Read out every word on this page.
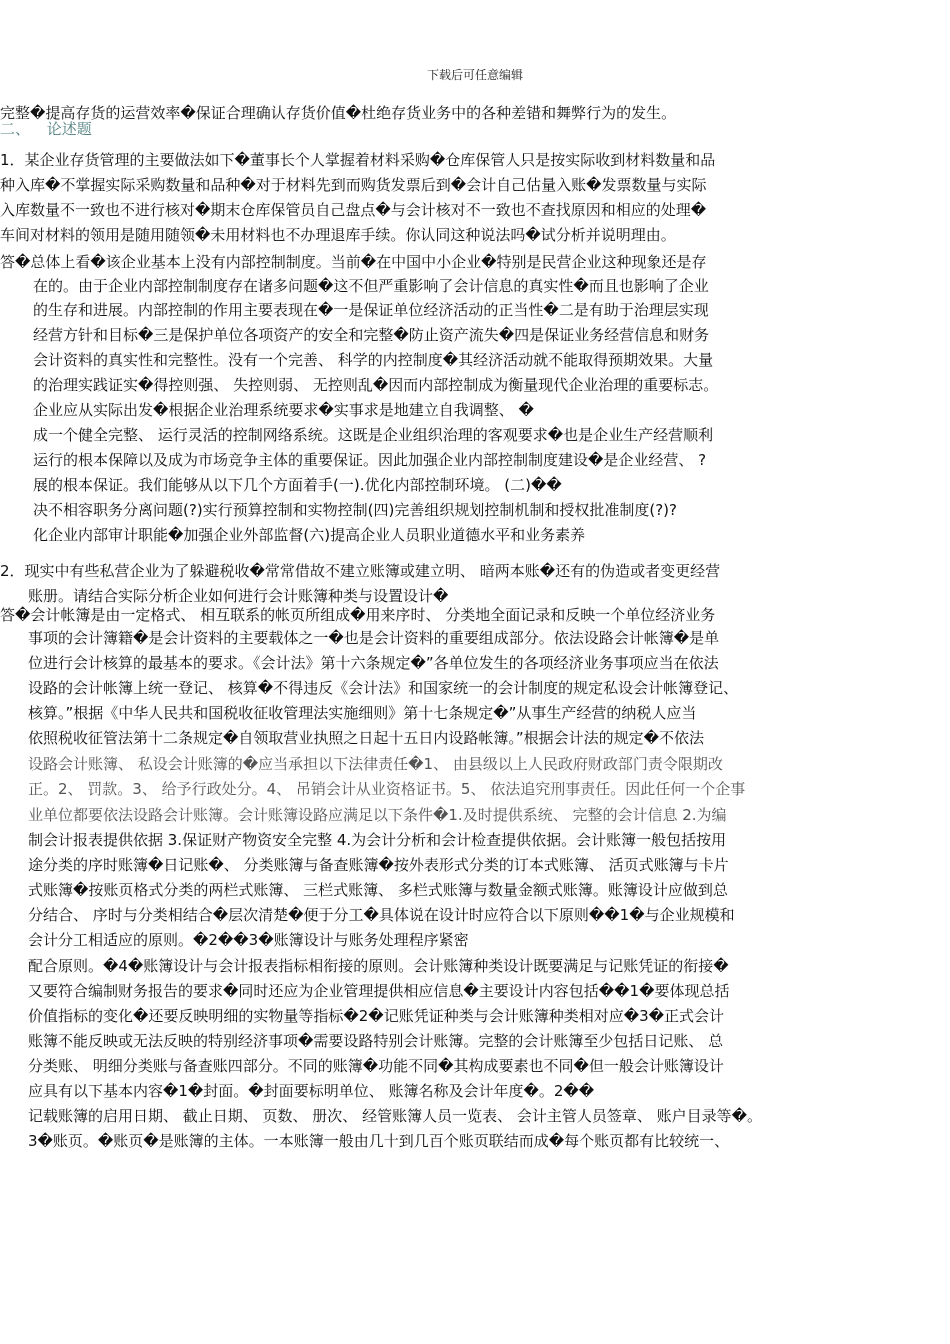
下载后可任意编辑
完整�提高存货的运营效率�保证合理确认存货价值�杜绝存货业务中的各种差错和舞弊行为的发生。
二、 论述题
1．某企业存货管理的主要做法如下�董事长个人掌握着材料采购�仓库保管人只是按实际收到材料数量和品
种入库�不掌握实际采购数量和品种�对于材料先到而购货发票后到�会计自己估量入账�发票数量与实际
入库数量不一致也不进行核对�期末仓库保管员自己盘点�与会计核对不一致也不查找原因和相应的处理�
车间对材料的领用是随用随领�未用材料也不办理退库手续。你认同这种说法吗�试分析并说明理由。
答�总体上看�该企业基本上没有内部控制制度。当前�在中国中小企业�特别是民营企业这种现象还是存
在的。由于企业内部控制制度存在诸多问题�这不但严重影响了会计信息的真实性�而且也影响了企业
的生存和进展。内部控制的作用主要表现在�一是保证单位经济活动的正当性�二是有助于治理层实现
经营方针和目标�三是保护单位各项资产的安全和完整�防止资产流失�四是保证业务经营信息和财务
会计资料的真实性和完整性。没有一个完善、 科学的内控制度�其经济活动就不能取得预期效果。大量
的治理实践证实�得控则强、 失控则弱、 无控则乱�因而内部控制成为衡量现代企业治理的重要标志。
企业应从实际出发�根据企业治理系统要求�实事求是地建立自我调整、 �
成一个健全完整、 运行灵活的控制网络系统。这既是企业组织治理的客观要求�也是企业生产经营顺利
运行的根本保障以及成为市场竞争主体的重要保证。因此加强企业内部控制制度建设�是企业经营、 ?
展的根本保证。我们能够从以下几个方面着手(一).优化内部控制环境。 (二)��
决不相容职务分离问题(?)实行预算控制和实物控制(四)完善组织规划控制机制和授权批准制度(?)?
化企业内部审计职能�加强企业外部监督(六)提高企业人员职业道德水平和业务素养
2．现实中有些私营企业为了躲避税收�常常借故不建立账簿或建立明、 暗两本账�还有的伪造或者变更经营
账册。请结合实际分析企业如何进行会计账簿种类与设置设计�
答�会计帐簿是由一定格式、 相互联系的帐页所组成�用来序时、 分类地全面记录和反映一个单位经济业务
事项的会计簿籍�是会计资料的主要载体之一�也是会计资料的重要组成部分。依法设路会计帐簿�是单
位进行会计核算的最基本的要求。《会计法》第十六条规定�”各单位发生的各项经济业务事项应当在依法
设路的会计帐簿上统一登记、 核算�不得违反《会计法》和国家统一的会计制度的规定私设会计帐簿登记、
核算。”根据《中华人民共和国税收征收管理法实施细则》第十七条规定�”从事生产经营的纳税人应当
依照税收征管法第十二条规定�自领取营业执照之日起十五日内设路帐簿。”根据会计法的规定�不依法
设路会计账簿、 私设会计账簿的�应当承担以下法律责任�1、 由县级以上人民政府财政部门责令限期改
正。2、 罚款。3、 给予行政处分。4、 吊销会计从业资格证书。5、 依法追究刑事责任。因此任何一个企事
业单位都要依法设路会计账簿。会计账簿设路应满足以下条件�1.及时提供系统、 完整的会计信息 2.为编
制会计报表提供依据 3.保证财产物资安全完整 4.为会计分析和会计检查提供依据。会计账簿一般包括按用
途分类的序时账簿�日记账�、 分类账簿与备查账簿�按外表形式分类的订本式账簿、 活页式账簿与卡片
式账簿�按账页格式分类的两栏式账簿、 三栏式账簿、 多栏式账簿与数量金额式账簿。账簿设计应做到总
分结合、 序时与分类相结合�层次清楚�便于分工�具体说在设计时应符合以下原则��1�与企业规模和
会计分工相适应的原则。�2��3�账簿设计与账务处理程序紧密
配合原则。�4�账簿设计与会计报表指标相衔接的原则。会计账簿种类设计既要满足与记账凭证的衔接�
又要符合编制财务报告的要求�同时还应为企业管理提供相应信息�主要设计内容包括��1�要体现总括
价值指标的变化�还要反映明细的实物量等指标�2�记账凭证种类与会计账簿种类相对应�3�正式会计
账簿不能反映或无法反映的特别经济事项�需要设路特别会计账簿。完整的会计账簿至少包括日记账、 总
分类账、 明细分类账与备查账四部分。不同的账簿�功能不同�其构成要素也不同�但一般会计账簿设计
应具有以下基本内容�1�封面。�封面要标明单位、 账簿名称及会计年度�。2��
记载账簿的启用日期、 截止日期、 页数、 册次、 经管账簿人员一览表、 会计主管人员签章、 账户目录等�。
3�账页。�账页�是账簿的主体。一本账簿一般由几十到几百个账页联结而成�每个账页都有比较统一、
